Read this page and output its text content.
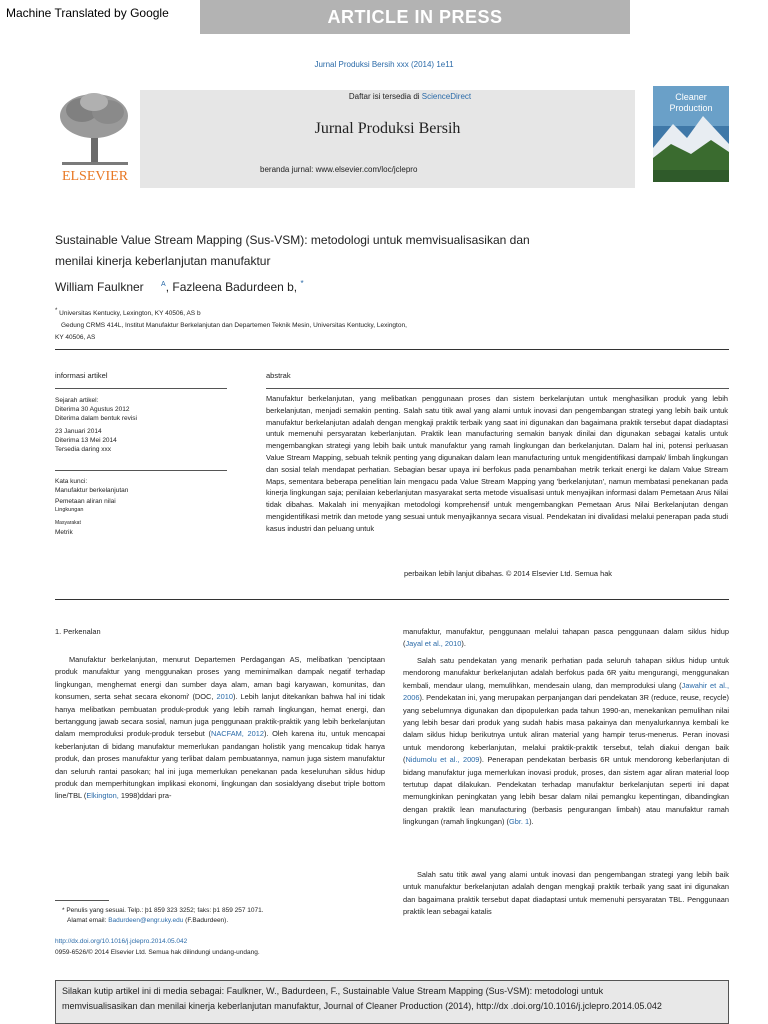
Machine Translated by Google	ARTICLE IN PRESS
Jurnal Produksi Bersih xxx (2014) 1e11
ELSEVIER
Daftar isi tersedia di ScienceDirect
Jurnal Produksi Bersih
beranda jurnal: www.elsevier.com/loc/jclepro
Cleaner
Production
Sustainable Value Stream Mapping (Sus-VSM): metodologi untuk memvisualisasikan dan
menilai kinerja keberlanjutan manufaktur
William Faulkner $^A$, Fazleena Badurdeen b, *
* Universitas Kentucky, Lexington, KY 40506, AS b
Gedung CRMS 414L, Institut Manufaktur Berkelanjutan dan Departemen Teknik Mesin, Universitas Kentucky, Lexington,
KY 40506, AS
informasi artikel
Sejarah artikel:
Diterima 30 Agustus 2012
Diterima dalam bentuk revisi
23 Januari 2014
Diterima 13 Mei 2014
Tersedia daring xxx
Kata kunci:
Manufaktur berkelanjutan
Pemetaan aliran nilai
Lingkungan
Masyarakat
Metrik
abstrak
Manufaktur berkelanjutan, yang melibatkan penggunaan proses dan sistem berkelanjutan untuk menghasilkan produk yang lebih berkelanjutan, menjadi semakin penting. Salah satu titik awal yang alami untuk inovasi dan pengembangan strategi yang lebih baik untuk manufaktur berkelanjutan adalah dengan mengkaji praktik terbaik yang saat ini digunakan dan bagaimana praktik tersebut dapat diadaptasi untuk memenuhi persyaratan keberlanjutan. Praktik lean manufacturing semakin banyak dinilai dan digunakan sebagai katalis untuk mengembangkan strategi yang lebih baik untuk manufaktur yang ramah lingkungan dan berkelanjutan. Dalam hal ini, potensi perluasan Value Stream Mapping, sebuah teknik penting yang digunakan dalam lean manufacturing untuk mengidentifikasi dampak/ limbah lingkungan dan sosial telah mendapat perhatian. Sebagian besar upaya ini berfokus pada penambahan metrik terkait energi ke dalam Value Stream Maps, sementara beberapa penelitian lain mengacu pada Value Stream Mapping yang 'berkelanjutan', namun membatasi penekanan pada kinerja lingkungan saja; penilaian keberlanjutan masyarakat serta metode visualisasi untuk menyajikan informasi dalam Pemetaan Arus Nilai tidak dibahas. Makalah ini menyajikan metodologi komprehensif untuk mengembangkan Pemetaan Arus Nilai Berkelanjutan dengan mengidentifikasi metrik dan metode yang sesuai untuk menyajikannya secara visual. Pendekatan ini divalidasi melalui penerapan pada studi kasus industri dan peluang untuk
perbaikan lebih lanjut dibahas. © 2014 Elsevier Ltd. Semua hak
1. Perkenalan
Manufaktur berkelanjutan, menurut Departemen Perdagangan AS, melibatkan 'penciptaan produk manufaktur yang menggunakan proses yang meminimalkan dampak negatif terhadap lingkungan, menghemat energi dan sumber daya alam, aman bagi karyawan, komunitas, dan konsumen, serta sehat secara ekonomi' (DOC, 2010). Lebih lanjut ditekankan bahwa hal ini tidak hanya melibatkan pembuatan produk-produk yang lebih ramah lingkungan, hemat energi, dan bertanggung jawab secara sosial, namun juga penggunaan praktik-praktik yang lebih berkelanjutan dalam memproduksi produk-produk tersebut (NACFAM, 2012). Oleh karena itu, untuk mencapai keberlanjutan di bidang manufaktur memerlukan pandangan holistik yang mencakup tidak hanya produk, dan proses manufaktur yang terlibat dalam pembuatannya, namun juga sistem manufaktur dan seluruh rantai pasokan; hal ini juga memerlukan penekanan pada keseluruhan siklus hidup produk dan memperhitungkan implikasi ekonomi, lingkungan dan sosialdyang disebut triple bottom line/TBL (Elkington, 1998)ddari pra-
manufaktur, manufaktur, penggunaan melalui tahapan pasca penggunaan dalam siklus hidup (Jayal et al., 2010).
Salah satu pendekatan yang menarik perhatian pada seluruh tahapan siklus hidup untuk mendorong manufaktur berkelanjutan adalah berfokus pada 6R yaitu mengurangi, menggunakan kembali, mendaur ulang, memulihkan, mendesain ulang, dan memproduksi ulang (Jawahir et al., 2006). Pendekatan ini, yang merupakan perpanjangan dari pendekatan 3R (reduce, reuse, recycle) yang sebelumnya digunakan dan dipopulerkan pada tahun 1990-an, menekankan pemulihan nilai yang lebih besar dari produk yang sudah habis masa pakainya dan menyalurkannya kembali ke dalam siklus hidup berikutnya untuk aliran material yang hampir terus-menerus. Peran inovasi untuk mendorong keberlanjutan, melalui praktik-praktik tersebut, telah diakui dengan baik (Nidumolu et al., 2009). Penerapan pendekatan berbasis 6R untuk mendorong keberlanjutan di bidang manufaktur juga memerlukan inovasi produk, proses, dan sistem agar aliran material loop tertutup dapat dilakukan. Pendekatan terhadap manufaktur berkelanjutan seperti ini dapat memungkinkan peningkatan yang lebih besar dalam nilai pemangku kepentingan, dibandingkan dengan praktik lean manufacturing (berbasis pengurangan limbah) atau manufaktur ramah lingkungan (ramah lingkungan) (Gbr. 1).
Salah satu titik awal yang alami untuk inovasi dan pengembangan strategi yang lebih baik untuk manufaktur berkelanjutan adalah dengan mengkaji praktik terbaik yang saat ini digunakan dan bagaimana praktik tersebut dapat diadaptasi untuk memenuhi persyaratan TBL. Penggunaan praktik lean sebagai katalis
* Penulis yang sesuai. Telp.: þ1 859 323 3252; faks: þ1 859 257 1071.
Alamat email: Badurdeen@engr.uky.edu (F.Badurdeen).
http://dx.doi.org/10.1016/j.jclepro.2014.05.042
0959-6526/© 2014 Elsevier Ltd. Semua hak dilindungi undang-undang.
Silakan kutip artikel ini di media sebagai: Faulkner, W., Badurdeen, F., Sustainable Value Stream Mapping (Sus-VSM): metodologi untuk
memvisualisasikan dan menilai kinerja keberlanjutan manufaktur, Journal of Cleaner Production (2014), http://dx .doi.org/10.1016/j.jclepro.2014.05.042
